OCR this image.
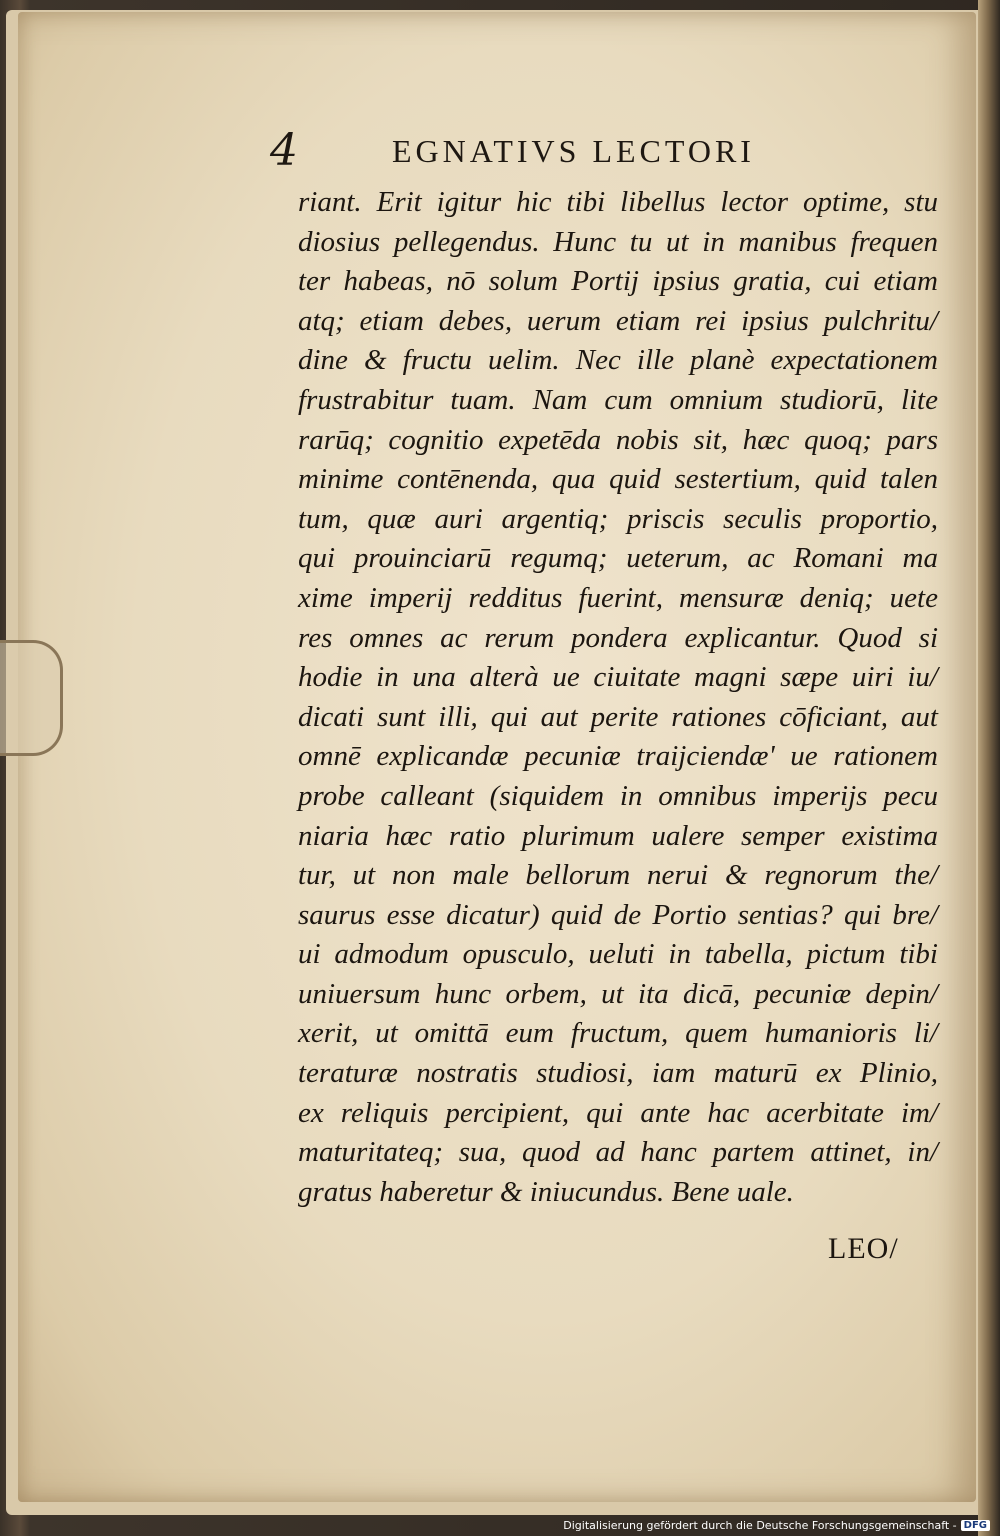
4	EGNATIVS LECTORI
riant. Erit igitur hic tibi libellus lector optime, stu
diosius pellegendus. Hunc tu ut in manibus frequen
ter habeas, nō solum Portij ipsius gratia, cui etiam
atq; etiam debes, uerum etiam rei ipsius pulchritu/
dine & fructu uelim. Nec ille planè expectationem
frustrabitur tuam. Nam cum omnium studiorū, lite
rarūq; cognitio expetēda nobis sit, hæc quoq; pars
minime contēnenda, qua quid sestertium, quid talen
tum, quæ auri argentiq; priscis seculis proportio,
qui prouinciarū regumq; ueterum, ac Romani ma
xime imperij redditus fuerint, mensuræ deniq; uete
res omnes ac rerum pondera explicantur. Quod si
hodie in una alterà ue ciuitate magni sæpe uiri iu/
dicati sunt illi, qui aut perite rationes cōficiant, aut
omnē explicandæ pecuniæ traijciendæ' ue rationem
probe calleant (siquidem in omnibus imperijs pecu
niaria hæc ratio plurimum ualere semper existima
tur, ut non male bellorum nerui & regnorum the/
saurus esse dicatur) quid de Portio sentias? qui bre/
ui admodum opusculo, ueluti in tabella, pictum tibi
uniuersum hunc orbem, ut ita dicā, pecuniæ depin/
xerit, ut omittā eum fructum, quem humanioris li/
teraturæ nostratis studiosi, iam maturū ex Plinio,
ex reliquis percipient, qui ante hac acerbitate im/
maturitateq; sua, quod ad hanc partem attinet, in/
gratus haberetur & iniucundus. Bene uale.
LEO/
Digitalisierung gefördert durch die Deutsche Forschungsgemeinschaft - DFG
